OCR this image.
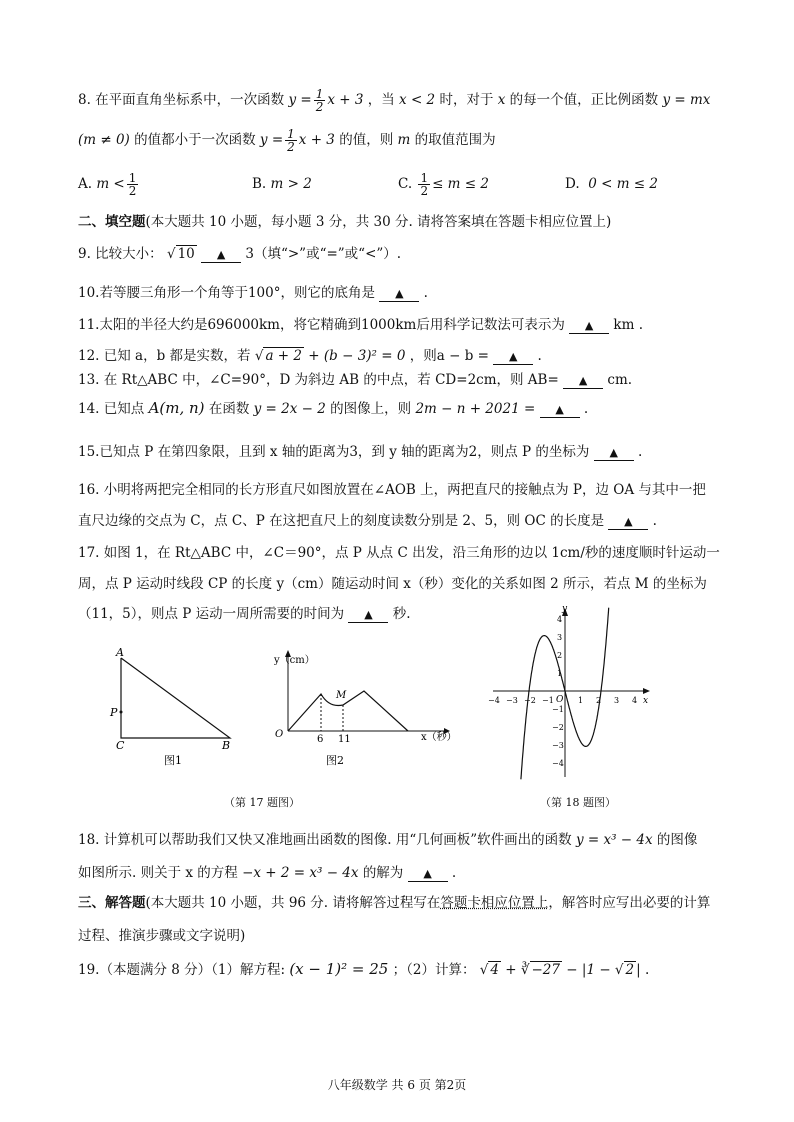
8. 在平面直角坐标系中，一次函数 $y = \frac{1}{2}$ x + 3 ，当 x < 2 时，对于 x 的每一个值，正比例函数 y = mx
(m ≠ 0) 的值都小于一次函数 $y = \frac{1}{2}$ x + 3 的值，则 m 的取值范围为
A. $m < \frac{1}{2}$	B. m > 2	C. $\frac{1}{2} \le m \le 2$	D.  0 < m ≤ 2
二、填空题(本大题共 10 小题，每小题 3 分，共 30 分. 请将答案填在答题卡相应位置上)
9. 比较大小： √ 10 ▲ 3（填“>”或“=”或“<”）.
10.若等腰三角形一个角等于100°，则它的底角是 ▲ .
11.太阳的半径大约是696000km，将它精确到1000km后用科学记数法可表示为 ▲ km .
12. 已知 a，b 都是实数，若 √ a + 2 + (b − 3)² = 0 ，则a − b = ▲ .
13. 在 Rt△ABC 中，∠C=90°，D 为斜边 AB 的中点，若 CD=2cm，则 AB= ▲ cm.
14. 已知点 A(m, n) 在函数 y = 2x − 2 的图像上，则 2m − n + 2021 = ▲ .
15.已知点 P 在第四象限，且到 x 轴的距离为3，到 y 轴的距离为2，则点 P 的坐标为 ▲ .
16. 小明将两把完全相同的长方形直尺如图放置在∠AOB 上，两把直尺的接触点为 P，边 OA 与其中一把
直尺边缘的交点为 C，点 C、P 在这把直尺上的刻度读数分别是 2、5，则 OC 的长度是 ▲ .
17. 如图 1，在 Rt△ABC 中，∠C＝90°，点 P 从点 C 出发，沿三角形的边以 1cm/秒的速度顺时针运动一
周，点 P 运动时线段 CP 的长度 y（cm）随运动时间 x（秒）变化的关系如图 2 所示，若点 M 的坐标为
（11，5），则点 P 运动一周所需要的时间为 ▲ 秒.
A
P
C	B
图1
y（cm）
O	6 11
M
x（秒）
图2
（第 17 题图）
y
x
O
−4 −3 −2 −1	1 2 3 4
4
3
2
1
−1
−2
−3
−4
（第 18 题图）
18. 计算机可以帮助我们又快又准地画出函数的图像. 用“几何画板”软件画出的函数 y = x³ − 4x 的图像
如图所示. 则关于 x 的方程 −x + 2 = x³ − 4x 的解为 ▲ .
三、解答题(本大题共 10 小题，共 96 分. 请将解答过程写在答题卡相应位置上，解答时应写出必要的计算
过程、推演步骤或文字说明)
19.（本题满分 8 分）（1）解方程: (x − 1)² = 25 ；（2）计算： √ 4 + ∛ −27 − |1 − √ 2 | .
八年级数学 共 6 页 第2页
